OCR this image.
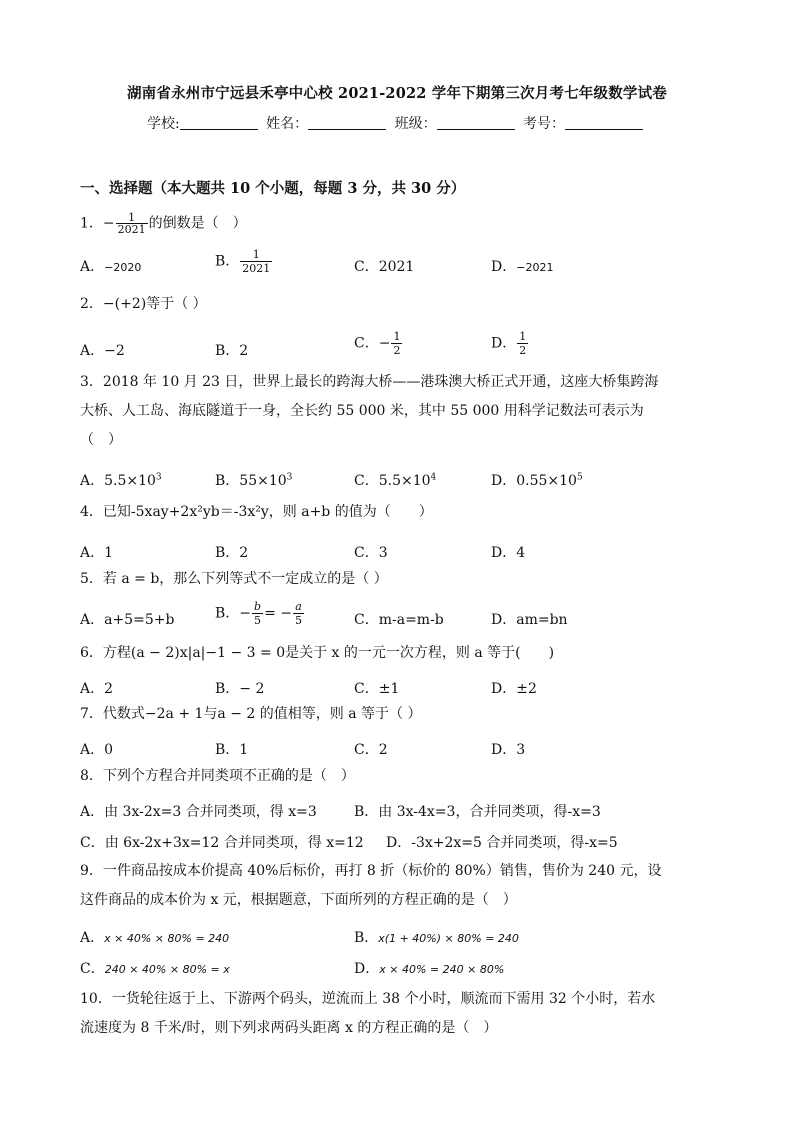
湖南省永州市宁远县禾亭中心校 2021-2022 学年下期第三次月考七年级数学试卷
学校:	姓名：	班级：	考号：
一、选择题（本大题共 10 个小题，每题 3 分，共 30 分）
1．− $\frac{1}{2021}$ 的倒数是（　）
A．−2020	B． $\frac{1}{2021}$	C．2021	D．−2021
2．−(+2)等于（ ）
A．−2	B．2	C．− $\frac{1}{2}$	D． $\frac{1}{2}$
3．2018 年 10 月 23 日，世界上最长的跨海大桥——港珠澳大桥正式开通，这座大桥集跨海
大桥、人工岛、海底隧道于一身，全长约 55 000 米，其中 55 000 用科学记数法可表示为
（　）
A．$5.5\times 10^3$	B．$55\times 10^3$	C．$5.5\times 10^4$	D．$0.55\times 10^5$
4．已知-5xay+2x²yb＝-3x²y，则 a+b 的值为（　　）
A．1	B．2	C．3	D．4
5．若 a = b，那么下列等式不一定成立的是（ ）
A．a+5=5+b	B．− $\frac{b}{5}$ = − $\frac{a}{5}$	C．m-a=m-b	D．am=bn
6．方程(a − 2)x|a|−1 − 3 = 0是关于 x 的一元一次方程，则 a 等于(　　)
A．2	B．− 2	C．±1	D．±2
7．代数式−2a + 1与a − 2 的值相等，则 a 等于（ ）
A．0	B．1	C．2	D．3
8．下列个方程合并同类项不正确的是（　）
A．由 3x-2x=3 合并同类项，得 x=3	B．由 3x-4x=3，合并同类项，得-x=3
C．由 6x-2x+3x=12 合并同类项，得 x=12 D．-3x+2x=5 合并同类项，得-x=5
9．一件商品按成本价提高 40%后标价，再打 8 折（标价的 80%）销售，售价为 240 元，设
这件商品的成本价为 x 元，根据题意，下面所列的方程正确的是（　）
A．x × 40% × 80% = 240	B．x(1 + 40%) × 80% = 240
C．240 × 40% × 80% = x	D．x × 40% = 240 × 80%
10．一货轮往返于上、下游两个码头，逆流而上 38 个小时，顺流而下需用 32 个小时，若水
流速度为 8 千米/时，则下列求两码头距离 x 的方程正确的是（　）
